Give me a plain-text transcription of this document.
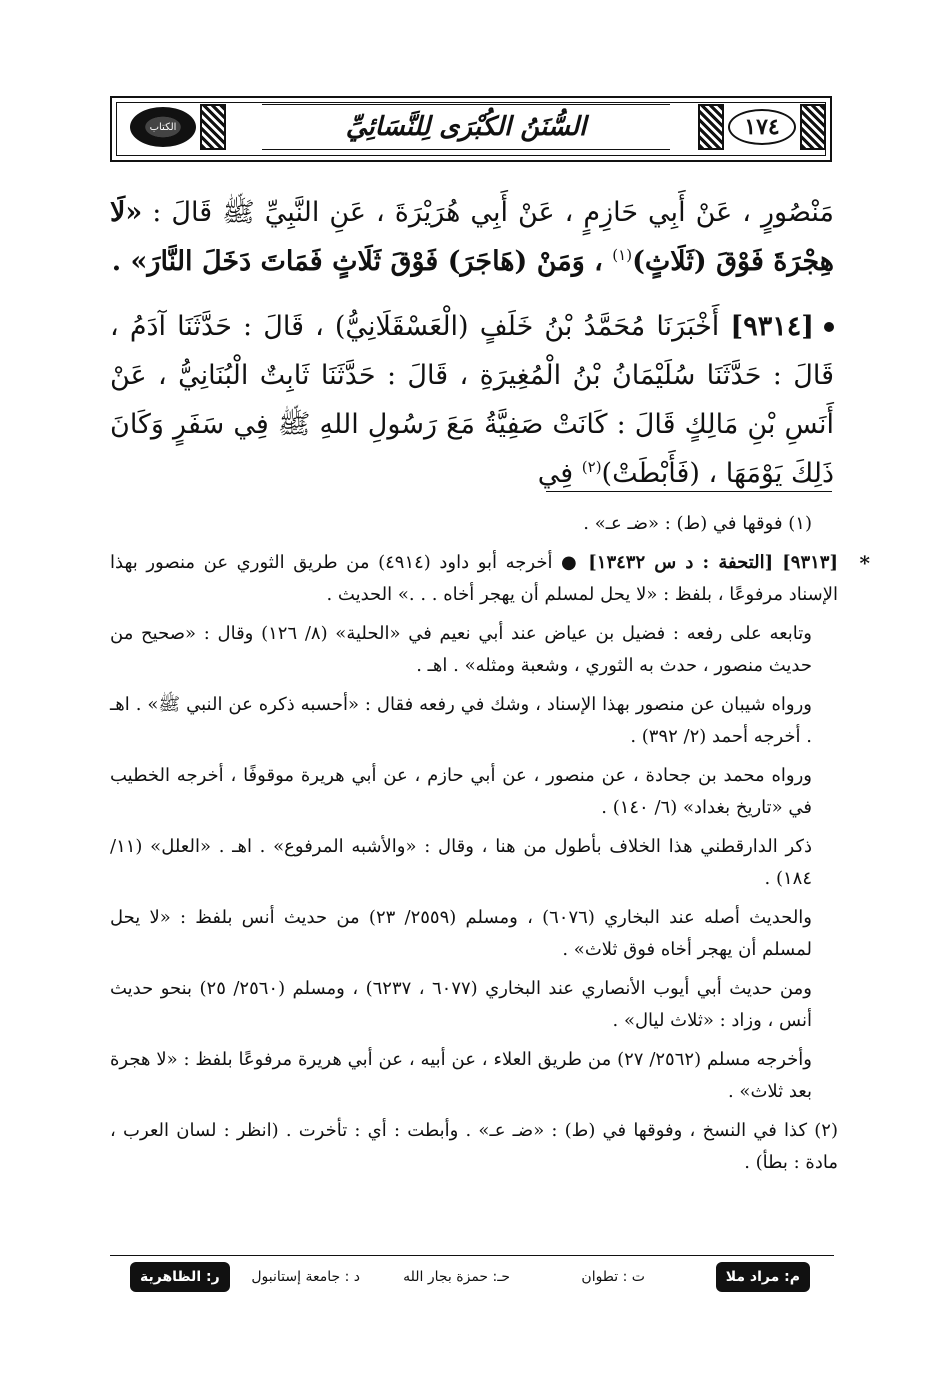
١٧٤
السُّنَنُ الكُبْرَى لِلنَّسَائِيِّ
الكتاب

مَنْصُورٍ ، عَنْ أَبِي حَازِمٍ ، عَنْ أَبِي هُرَيْرَةَ ، عَنِ النَّبِيِّ ﷺ قَالَ : «لَا هِجْرَةَ فَوْقَ (ثَلَاثٍ)$^{(١)}$ ، وَمَنْ (هَاجَرَ) فَوْقَ ثَلَاثٍ فَمَاتَ دَخَلَ النَّارَ» .

[٩٣١٤] أَخْبَرَنَا مُحَمَّدُ بْنُ خَلَفٍ (الْعَسْقَلَانِيُّ) ، قَالَ : حَدَّثَنَا آدَمُ ، قَالَ : حَدَّثَنَا سُلَيْمَانُ بْنُ الْمُغِيرَةِ ، قَالَ : حَدَّثَنَا ثَابِتٌ الْبُنَانِيُّ ، عَنْ أَنَسِ بْنِ مَالِكٍ قَالَ : كَانَتْ صَفِيَّةُ مَعَ رَسُولِ اللهِ ﷺ فِي سَفَرٍ وَكَانَ ذَلِكَ يَوْمَهَا ، (فَأَبْطَتْ)$^{(٢)}$ فِي

(١) فوقها في (ط) : «ضـ عـ» .

*
[٩٣١٣] [التحفة : د س ١٣٤٣٢] ● أخرجه أبو داود (٤٩١٤) من طريق الثوري عن منصور بهذا الإسناد مرفوعًا ، بلفظ : «لا يحل لمسلم أن يهجر أخاه . . .» الحديث .

وتابعه على رفعه : فضيل بن عياض عند أبي نعيم في «الحلية» (٨/ ١٢٦) وقال : «صحيح من حديث منصور ، حدث به الثوري ، وشعبة ومثله» . اهـ .

ورواه شيبان عن منصور بهذا الإسناد ، وشك في رفعه فقال : «أحسبه ذكره عن النبي ﷺ» . اهـ . أخرجه أحمد (٢/ ٣٩٢) .

ورواه محمد بن جحادة ، عن منصور ، عن أبي حازم ، عن أبي هريرة موقوفًا ، أخرجه الخطيب في «تاريخ بغداد» (٦/ ١٤٠) .

ذكر الدارقطني هذا الخلاف بأطول من هنا ، وقال : «والأشبه المرفوع» . اهـ . «العلل» (١١/ ١٨٤) .

والحديث أصله عند البخاري (٦٠٧٦) ، ومسلم (٢٥٥٩/ ٢٣) من حديث أنس بلفظ : «لا يحل لمسلم أن يهجر أخاه فوق ثلاث» .

ومن حديث أبي أيوب الأنصاري عند البخاري (٦٠٧٧ ، ٦٢٣٧) ، ومسلم (٢٥٦٠/ ٢٥) بنحو حديث أنس ، وزاد : «ثلاث ليال» .

وأخرجه مسلم (٢٥٦٢/ ٢٧) من طريق العلاء ، عن أبيه ، عن أبي هريرة مرفوعًا بلفظ : «لا هجرة بعد ثلاث» .

(٢) كذا في النسخ ، وفوقها في (ط) : «ضـ عـ» . وأبطت : أي : تأخرت . (انظر : لسان العرب ، مادة : بطأ) .

م: مراد ملا
ت : تطوان
حـ: حمزة بجار الله
د : جامعة إستانبول
ر: الظاهرية
